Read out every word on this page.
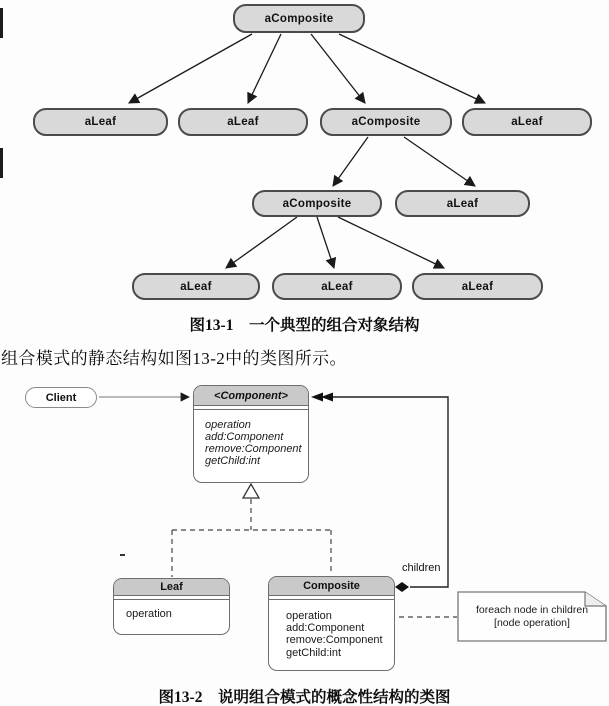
aComposite
aLeaf	aLeaf	aComposite	aLeaf
aComposite	aLeaf
aLeaf	aLeaf	aLeaf
图13-1　一个典型的组合对象结构
组合模式的静态结构如图13-2中的类图所示。
Client	<Component>
operation
add:Component
remove:Component
getChild:int
Leaf
operation
Composite
operation
add:Component
remove:Component
getChild:int
children
foreach node in children
[node operation]
图13-2　说明组合模式的概念性结构的类图
